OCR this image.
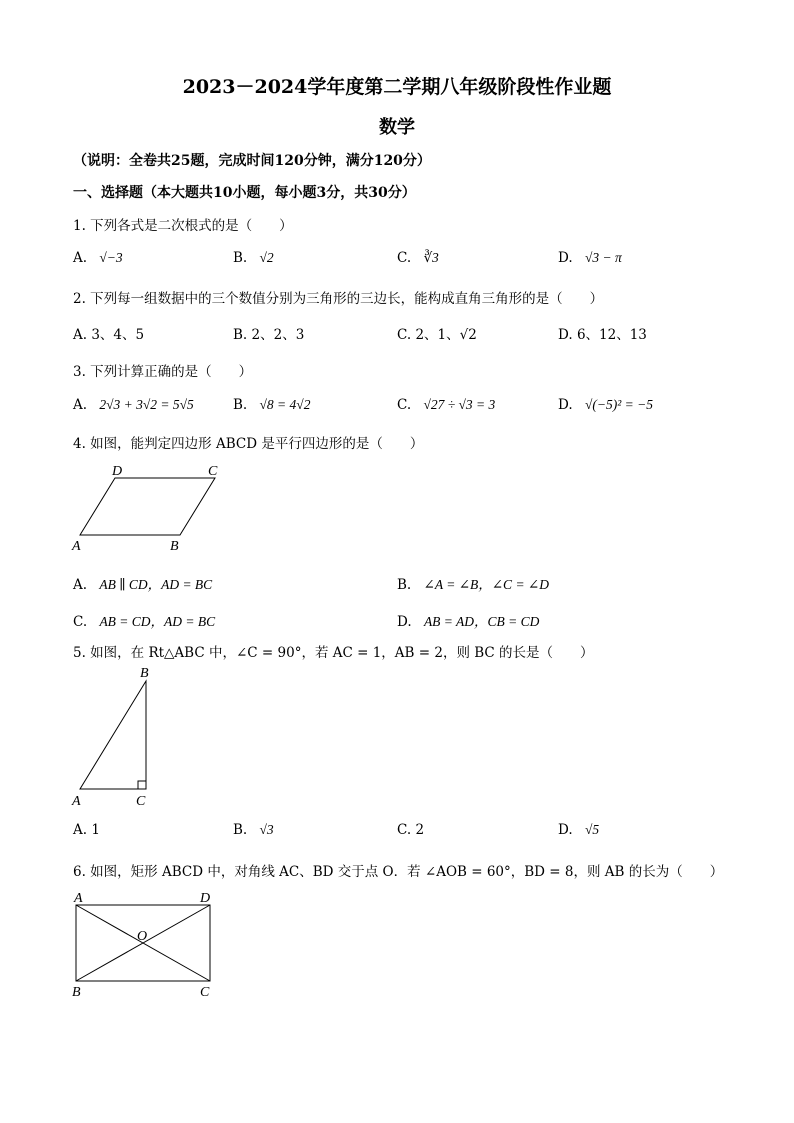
2023－2024学年度第二学期八年级阶段性作业题
数学
（说明：全卷共25题，完成时间120分钟，满分120分）
一、选择题（本大题共10小题，每小题3分，共30分）
1. 下列各式是二次根式的是（　　）
A. √−3	B. √2	C. ∛3	D. √3 − π
2. 下列每一组数据中的三个数值分别为三角形的三边长，能构成直角三角形的是（　　）
A. 3、4、5	B. 2、2、3	C. 2、1、√2	D. 6、12、13
3. 下列计算正确的是（　　）
A. 2√3 + 3√2 = 5√5	B. √8 = 4√2	C. √27 ÷ √3 = 3	D. √(−5)² = −5
4. 如图，能判定四边形 ABCD 是平行四边形的是（　　）
D	C
A	B
A. AB ∥ CD，AD = BC	B. ∠A = ∠B，∠C = ∠D
C. AB = CD，AD = BC	D. AB = AD，CB = CD
5. 如图，在 Rt△ABC 中，∠C = 90°，若 AC = 1，AB = 2，则 BC 的长是（　　）
B
A	C
A. 1	B. √3	C. 2	D. √5
6. 如图，矩形 ABCD 中，对角线 AC、BD 交于点 O．若 ∠AOB = 60°，BD = 8，则 AB 的长为（　　）
A	D
O
B	C
